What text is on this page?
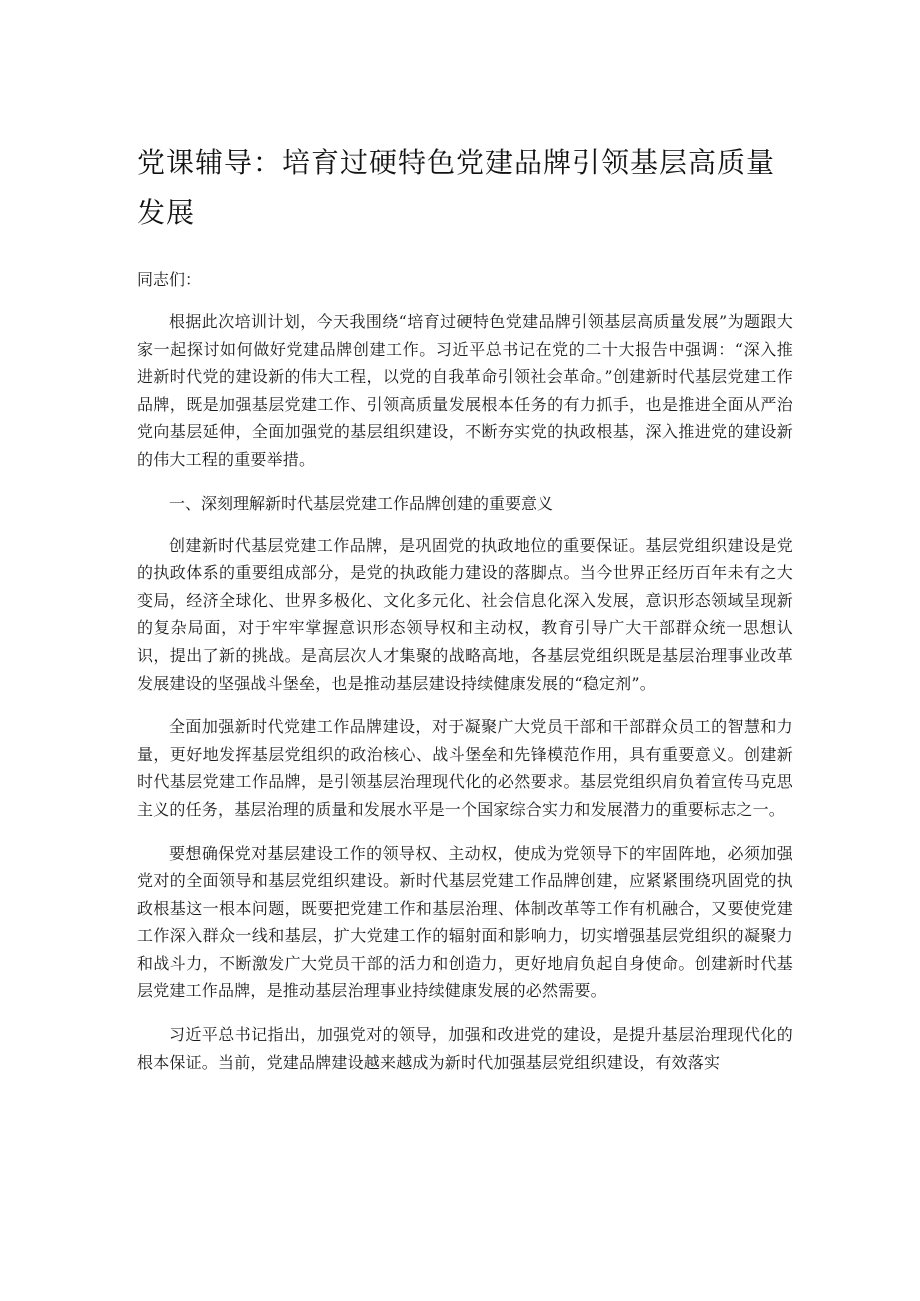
党课辅导：培育过硬特色党建品牌引领基层高质量发展
同志们：

根据此次培训计划，今天我围绕“培育过硬特色党建品牌引领基层高质量发展”为题跟大家一起探讨如何做好党建品牌创建工作。习近平总书记在党的二十大报告中强调：“深入推进新时代党的建设新的伟大工程，以党的自我革命引领社会革命。”创建新时代基层党建工作品牌，既是加强基层党建工作、引领高质量发展根本任务的有力抓手，也是推进全面从严治党向基层延伸，全面加强党的基层组织建设，不断夯实党的执政根基，深入推进党的建设新的伟大工程的重要举措。

一、深刻理解新时代基层党建工作品牌创建的重要意义

创建新时代基层党建工作品牌，是巩固党的执政地位的重要保证。基层党组织建设是党的执政体系的重要组成部分，是党的执政能力建设的落脚点。当今世界正经历百年未有之大变局，经济全球化、世界多极化、文化多元化、社会信息化深入发展，意识形态领域呈现新的复杂局面，对于牢牢掌握意识形态领导权和主动权，教育引导广大干部群众统一思想认识，提出了新的挑战。是高层次人才集聚的战略高地，各基层党组织既是基层治理事业改革发展建设的坚强战斗堡垒，也是推动基层建设持续健康发展的“稳定剂”。

全面加强新时代党建工作品牌建设，对于凝聚广大党员干部和干部群众员工的智慧和力量，更好地发挥基层党组织的政治核心、战斗堡垒和先锋模范作用，具有重要意义。创建新时代基层党建工作品牌，是引领基层治理现代化的必然要求。基层党组织肩负着宣传马克思主义的任务，基层治理的质量和发展水平是一个国家综合实力和发展潜力的重要标志之一。

要想确保党对基层建设工作的领导权、主动权，使成为党领导下的牢固阵地，必须加强党对的全面领导和基层党组织建设。新时代基层党建工作品牌创建，应紧紧围绕巩固党的执政根基这一根本问题，既要把党建工作和基层治理、体制改革等工作有机融合，又要使党建工作深入群众一线和基层，扩大党建工作的辐射面和影响力，切实增强基层党组织的凝聚力和战斗力，不断激发广大党员干部的活力和创造力，更好地肩负起自身使命。创建新时代基层党建工作品牌，是推动基层治理事业持续健康发展的必然需要。

习近平总书记指出，加强党对的领导，加强和改进党的建设，是提升基层治理现代化的根本保证。当前，党建品牌建设越来越成为新时代加强基层党组织建设，有效落实
